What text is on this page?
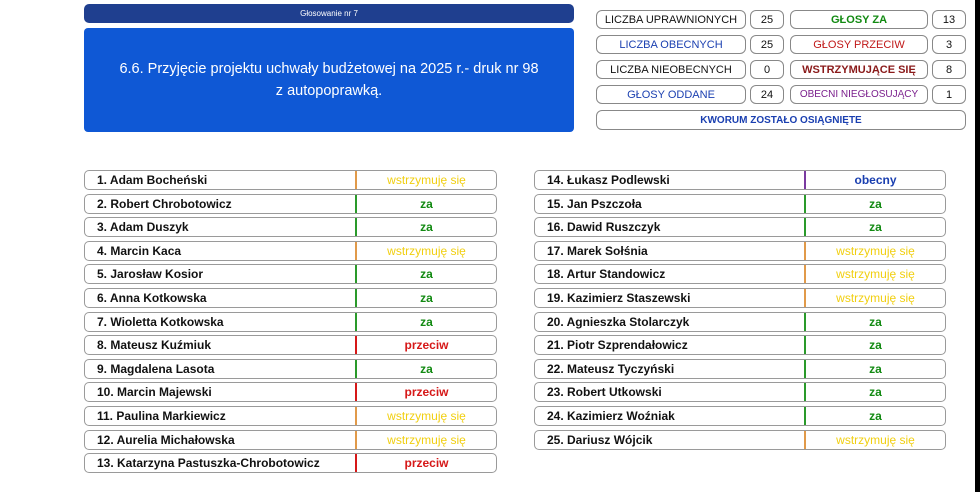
Głosowanie nr 7
6.6. Przyjęcie projektu uchwały budżetowej na 2025 r.- druk nr 98 z autopoprawką.
LICZBA UPRAWNIONYCH	25
LICZBA OBECNYCH	25
LICZBA NIEOBECNYCH	0
GŁOSY ODDANE	24
GŁOSY ZA	13
GŁOSY PRZECIW	3
WSTRZYMUJĄCE SIĘ	8
OBECNI NIEGŁOSUJĄCY	1
KWORUM ZOSTAŁO OSIĄGNIĘTE
1. Adam Bocheński	wstrzymuję się
2. Robert Chrobotowicz	za
3. Adam Duszyk	za
4. Marcin Kaca	wstrzymuję się
5. Jarosław Kosior	za
6. Anna Kotkowska	za
7. Wioletta Kotkowska	za
8. Mateusz Kuźmiuk	przeciw
9. Magdalena Lasota	za
10. Marcin Majewski	przeciw
11. Paulina Markiewicz	wstrzymuję się
12. Aurelia Michałowska	wstrzymuję się
13. Katarzyna Pastuszka-Chrobotowicz	przeciw
14. Łukasz Podlewski	obecny
15. Jan Pszczoła	za
16. Dawid Ruszczyk	za
17. Marek Sołśnia	wstrzymuję się
18. Artur Standowicz	wstrzymuję się
19. Kazimierz Staszewski	wstrzymuję się
20. Agnieszka Stolarczyk	za
21. Piotr Szprendałowicz	za
22. Mateusz Tyczyński	za
23. Robert Utkowski	za
24. Kazimierz Woźniak	za
25. Dariusz Wójcik	wstrzymuję się
